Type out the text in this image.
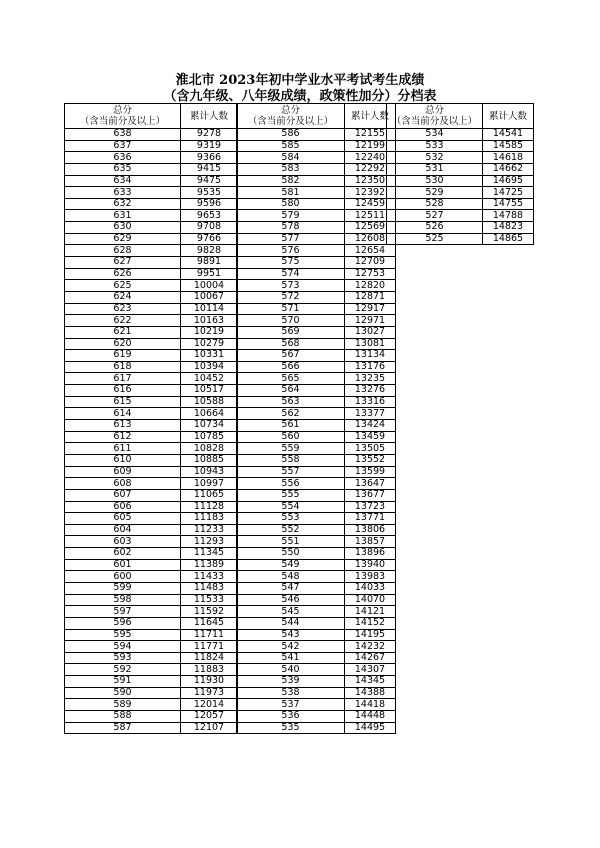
淮北市 2023年初中学业水平考试考生成绩
（含九年级、八年级成绩，政策性加分）分档表
总分
（含当前分及以上）	累计人数
638	9278
637	9319
636	9366
635	9415
634	9475
633	9535
632	9596
631	9653
630	9708
629	9766
628	9828
627	9891
626	9951
625	10004
624	10067
623	10114
622	10163
621	10219
620	10279
619	10331
618	10394
617	10452
616	10517
615	10588
614	10664
613	10734
612	10785
611	10828
610	10885
609	10943
608	10997
607	11065
606	11128
605	11183
604	11233
603	11293
602	11345
601	11389
600	11433
599	11483
598	11533
597	11592
596	11645
595	11711
594	11771
593	11824
592	11883
591	11930
590	11973
589	12014
588	12057
587	12107
总分
（含当前分及以上）	累计人数
586	12155
585	12199
584	12240
583	12292
582	12350
581	12392
580	12459
579	12511
578	12569
577	12608
576	12654
575	12709
574	12753
573	12820
572	12871
571	12917
570	12971
569	13027
568	13081
567	13134
566	13176
565	13235
564	13276
563	13316
562	13377
561	13424
560	13459
559	13505
558	13552
557	13599
556	13647
555	13677
554	13723
553	13771
552	13806
551	13857
550	13896
549	13940
548	13983
547	14033
546	14070
545	14121
544	14152
543	14195
542	14232
541	14267
540	14307
539	14345
538	14388
537	14418
536	14448
535	14495
总分
（含当前分及以上）	累计人数
534	14541
533	14585
532	14618
531	14662
530	14695
529	14725
528	14755
527	14788
526	14823
525	14865
